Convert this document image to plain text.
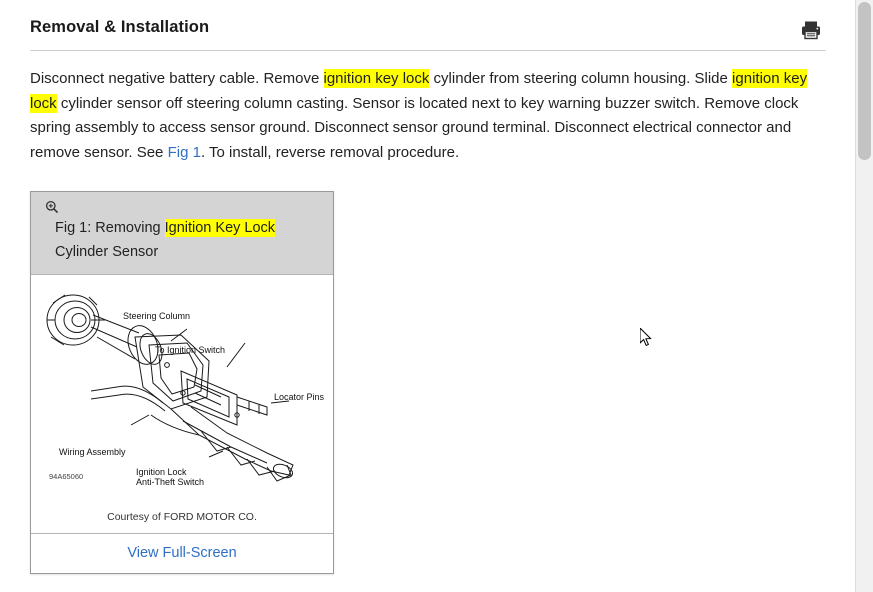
Removal & Installation
Disconnect negative battery cable. Remove ignition key lock cylinder from steering column housing. Slide ignition key lock cylinder sensor off steering column casting. Sensor is located next to key warning buzzer switch. Remove clock spring assembly to access sensor ground. Disconnect sensor ground terminal. Disconnect electrical connector and remove sensor. See Fig 1. To install, reverse removal procedure.
Fig 1: Removing Ignition Key Lock Cylinder Sensor
Steering Column
To Ignition Switch
Locator Pins
Wiring Assembly
Ignition Lock
Anti-Theft Switch
94A65060
Courtesy of FORD MOTOR CO.
View Full-Screen
